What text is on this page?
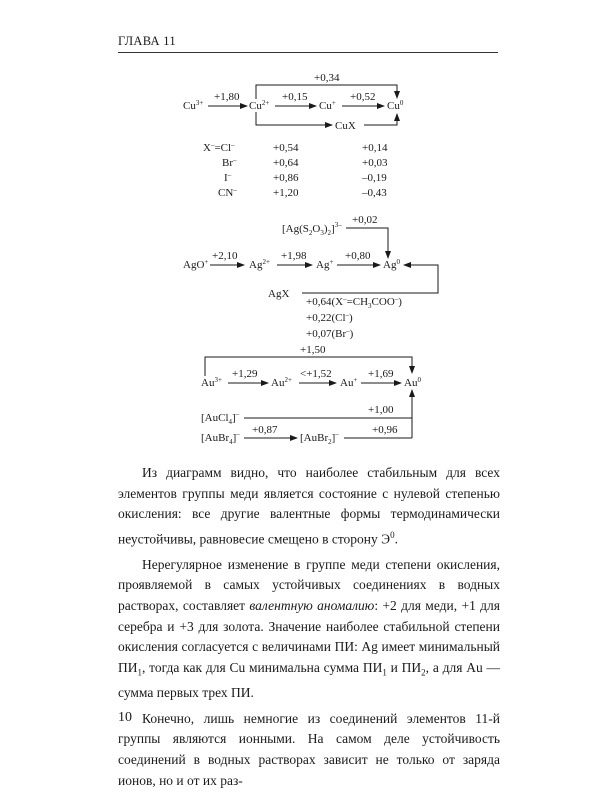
ГЛАВА 11
$Cu^{3+} +1,80$
$Cu^{2+} +0,15$
Cu+ +0,52
$Cu^0$
+0,34
CuX
X–=Cl–	+0,54	+0,14
Br–	+0,64	+0,03
I–	+0,86	–0,19
CN–	+1,20	–0,43
$[Ag(S_2O_3)_2]^{3-} +0,02$
AgO+ +2,10
$Ag^{2+} +1,98$
Ag+ +0,80
Ag$^0$
AgX
$+0,64(X^-=CH_3COO^-)$
+0,22(Cl–)
+0,07(Br–)
+1,50
$Au^{3+} +1,29$
$Au^{2+} <+1,52$
Au+ +1,69
Au$^0$
[AuCl$_4$]–	+1,00
[AuBr$_4$]– +0,87
[AuBr$_2$]–	+0,96

Из диаграмм видно, что наиболее стабильным для всех элементов группы меди является состояние с нулевой степенью окисления: все другие валентные формы термодинамически неустойчивы, равновесие смещено в сторону $Э^0$.

Нерегулярное изменение в группе меди степени окисления, проявляемой в самых устойчивых соединениях в водных растворах, составляет валентную аномалию: +2 для меди, +1 для серебра и +3 для золота. Значение наиболее стабильной степени окисления согласуется с величинами ПИ: Ag имеет минимальный $ПИ_1$, тогда как для Cu минимальна сумма $ПИ_1$ и $ПИ_2$, а для Au — сумма первых трех ПИ.

Конечно, лишь немногие из соединений элементов 11-й группы являются ионными. На самом деле устойчивость соединений в водных растворах зависит не только от заряда ионов, но и от их раз-

10
